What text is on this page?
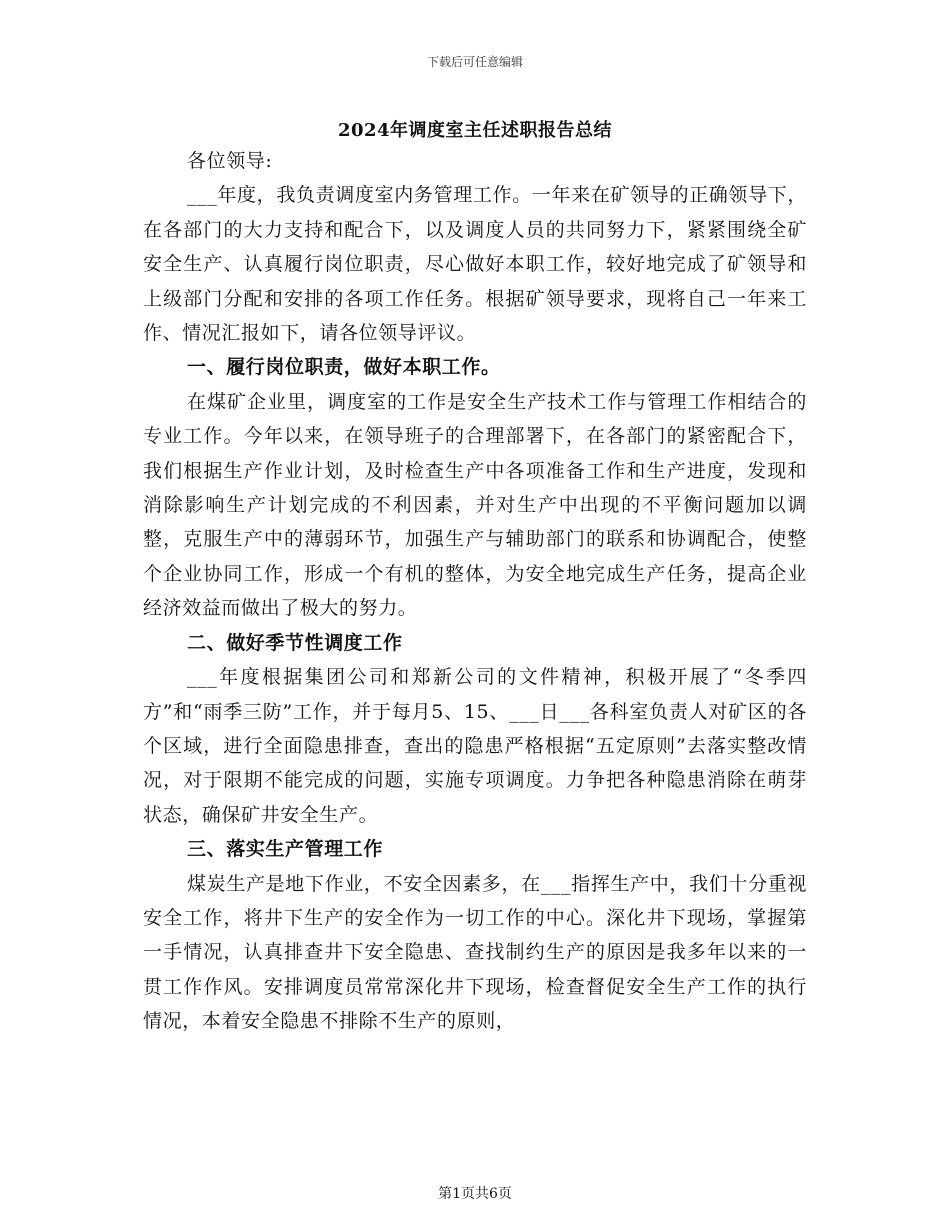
下载后可任意编辑
2024年调度室主任述职报告总结

各位领导:

___年度，我负责调度室内务管理工作。一年来在矿领导的正确领导下，在各部门的大力支持和配合下，以及调度人员的共同努力下，紧紧围绕全矿安全生产、认真履行岗位职责，尽心做好本职工作，较好地完成了矿领导和上级部门分配和安排的各项工作任务。根据矿领导要求，现将自己一年来工作、情况汇报如下，请各位领导评议。

一、履行岗位职责，做好本职工作。

在煤矿企业里，调度室的工作是安全生产技术工作与管理工作相结合的专业工作。今年以来，在领导班子的合理部署下，在各部门的紧密配合下，我们根据生产作业计划，及时检查生产中各项准备工作和生产进度，发现和消除影响生产计划完成的不利因素，并对生产中出现的不平衡问题加以调整，克服生产中的薄弱环节，加强生产与辅助部门的联系和协调配合，使整个企业协同工作，形成一个有机的整体，为安全地完成生产任务，提高企业经济效益而做出了极大的努力。

二、做好季节性调度工作

___年度根据集团公司和郑新公司的文件精神，积极开展了“冬季四方”和“雨季三防”工作，并于每月5、15、___日___各科室负责人对矿区的各个区域，进行全面隐患排查，查出的隐患严格根据“五定原则”去落实整改情况，对于限期不能完成的问题，实施专项调度。力争把各种隐患消除在萌芽状态，确保矿井安全生产。

三、落实生产管理工作

煤炭生产是地下作业，不安全因素多，在___指挥生产中，我们十分重视安全工作，将井下生产的安全作为一切工作的中心。深化井下现场，掌握第一手情况，认真排查井下安全隐患、查找制约生产的原因是我多年以来的一贯工作作风。安排调度员常常深化井下现场，检查督促安全生产工作的执行情况，本着安全隐患不排除不生产的原则，

第1页共6页
